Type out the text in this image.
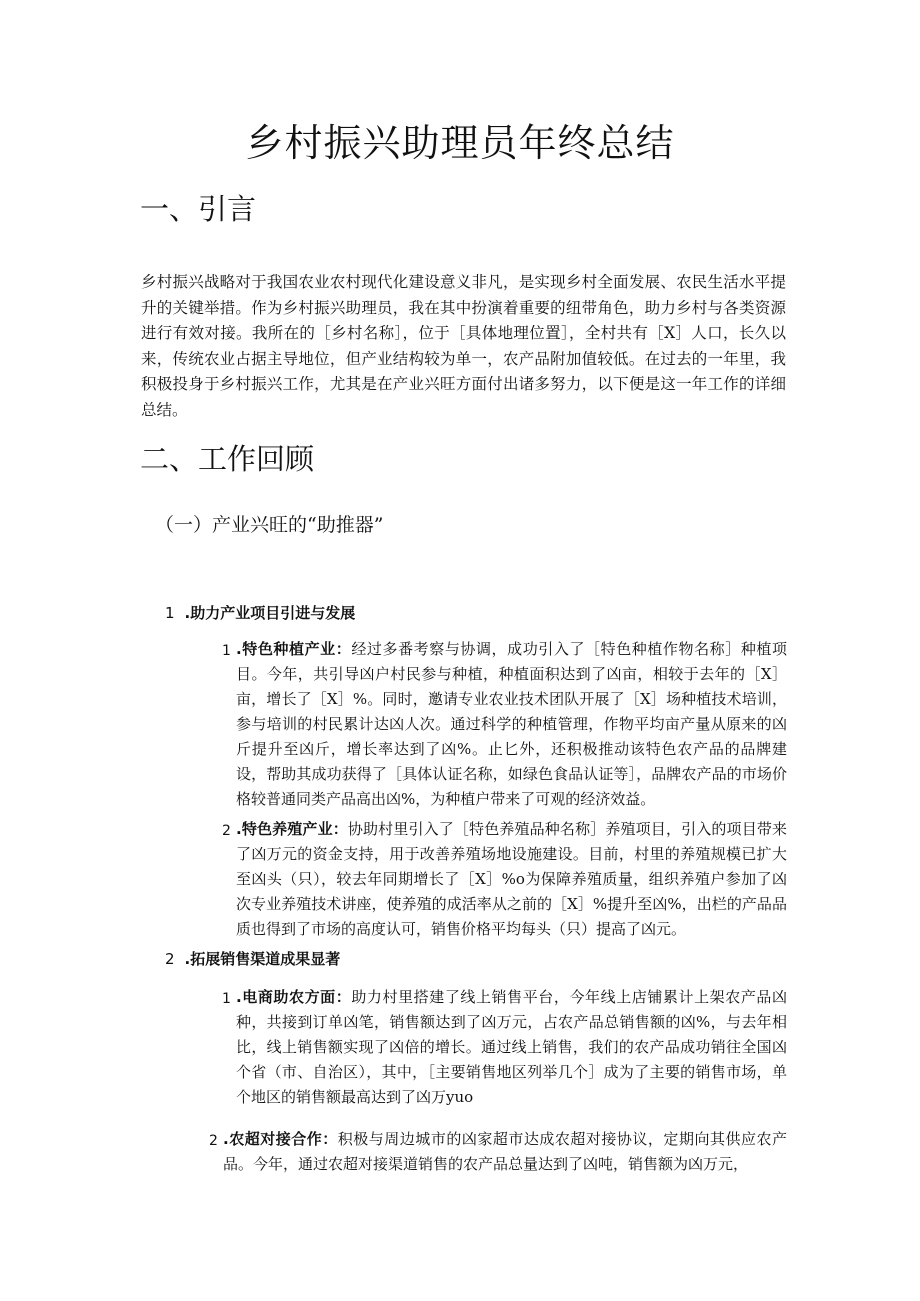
乡村振兴助理员年终总结
一、引言

乡村振兴战略对于我国农业农村现代化建设意义非凡，是实现乡村全面发展、农民生活水平提升的关键举措。作为乡村振兴助理员，我在其中扮演着重要的纽带角色，助力乡村与各类资源进行有效对接。我所在的［乡村名称］，位于［具体地理位置］，全村共有［X］人口，长久以来，传统农业占据主导地位，但产业结构较为单一，农产品附加值较低。在过去的一年里，我积极投身于乡村振兴工作，尤其是在产业兴旺方面付出诸多努力，以下便是这一年工作的详细总结。

二、工作回顾
（一）产业兴旺的“助推器”
1 .助力产业项目引进与发展
1 .特色种植产业：经过多番考察与协调，成功引入了［特色种植作物名称］种植项目。今年，共引导凶户村民参与种植，种植面积达到了凶亩，相较于去年的［X］亩，增长了［X］%。同时，邀请专业农业技术团队开展了［X］场种植技术培训，参与培训的村民累计达凶人次。通过科学的种植管理，作物平均亩产量从原来的凶斤提升至凶斤，增长率达到了凶%。止匕外，还积极推动该特色农产品的品牌建设，帮助其成功获得了［具体认证名称，如绿色食品认证等］，品牌农产品的市场价格较普通同类产品高出凶%，为种植户带来了可观的经济效益。
2 .特色养殖产业：协助村里引入了［特色养殖品种名称］养殖项目，引入的项目带来了凶万元的资金支持，用于改善养殖场地设施建设。目前，村里的养殖规模已扩大至凶头（只），较去年同期增长了［X］%o为保障养殖质量，组织养殖户参加了凶次专业养殖技术讲座，使养殖的成活率从之前的［X］%提升至凶%，出栏的产品品质也得到了市场的高度认可，销售价格平均每头（只）提高了凶元。
2 .拓展销售渠道成果显著
1 .电商助农方面：助力村里搭建了线上销售平台，今年线上店铺累计上架农产品凶种，共接到订单凶笔，销售额达到了凶万元，占农产品总销售额的凶%，与去年相比，线上销售额实现了凶倍的增长。通过线上销售，我们的农产品成功销往全国凶个省（市、自治区），其中，［主要销售地区列举几个］成为了主要的销售市场，单个地区的销售额最高达到了凶万yuo
2 .农超对接合作：积极与周边城市的凶家超市达成农超对接协议，定期向其供应农产品。今年，通过农超对接渠道销售的农产品总量达到了凶吨，销售额为凶万元，
